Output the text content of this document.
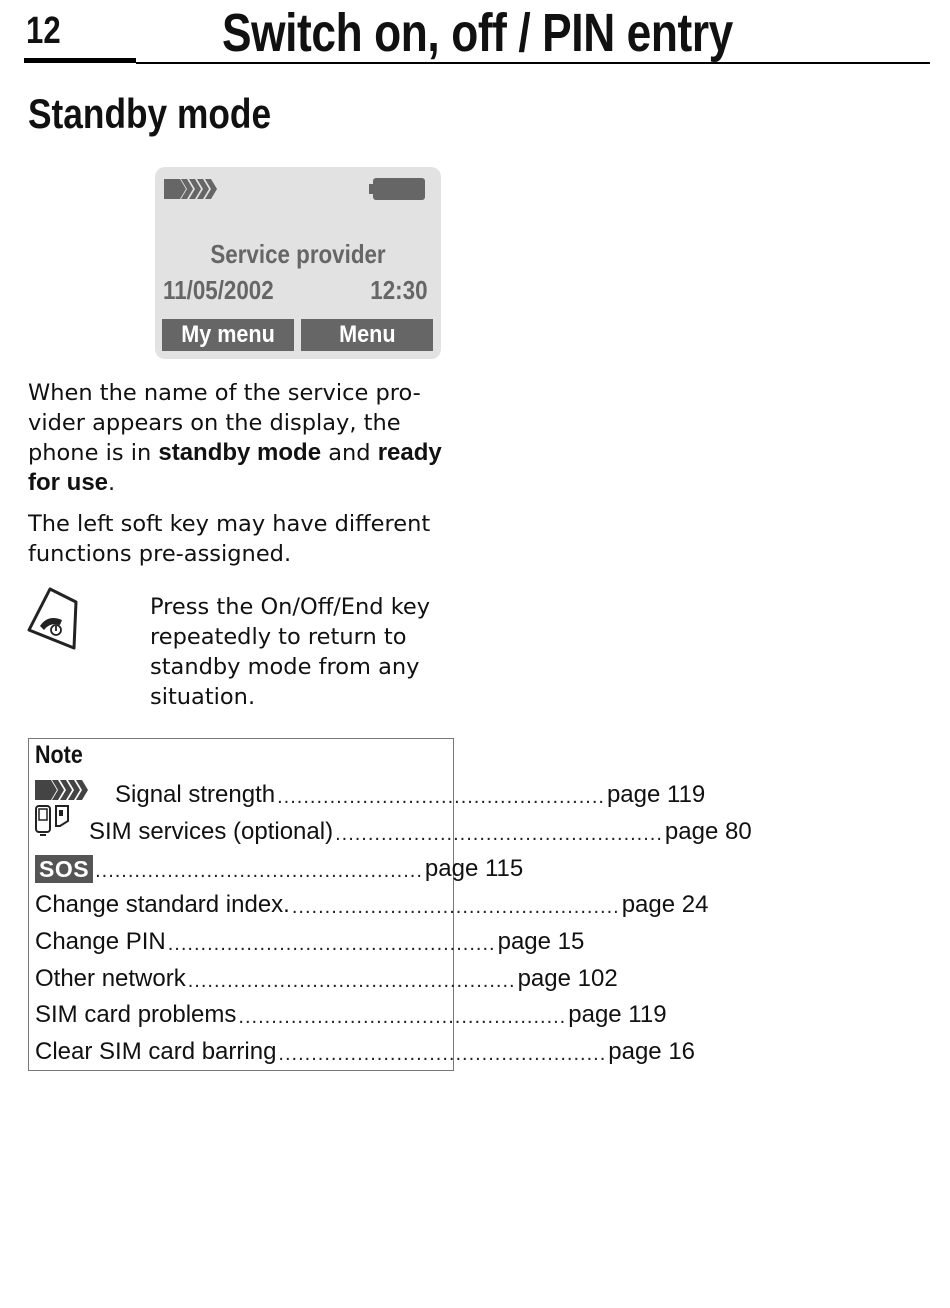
12	Switch on, off / PIN entry
Standby mode
Service provider
11/05/2002	12:30
My menu	Menu
When the name of the service pro-vider appears on the display, the phone is in standby mode and ready for use.
The left soft key may have different functions pre-assigned.
Press the On/Off/End key repeatedly to return to standby mode from any situation.
Note
Signal strength .................................................. page 119
SIM services (optional) .................................................. page 80
SOS .................................................. page 115
Change standard index. .................................................. page 24
Change PIN .................................................. page 15
Other network .................................................. page 102
SIM card problems .................................................. page 119
Clear SIM card barring .................................................. page 16
